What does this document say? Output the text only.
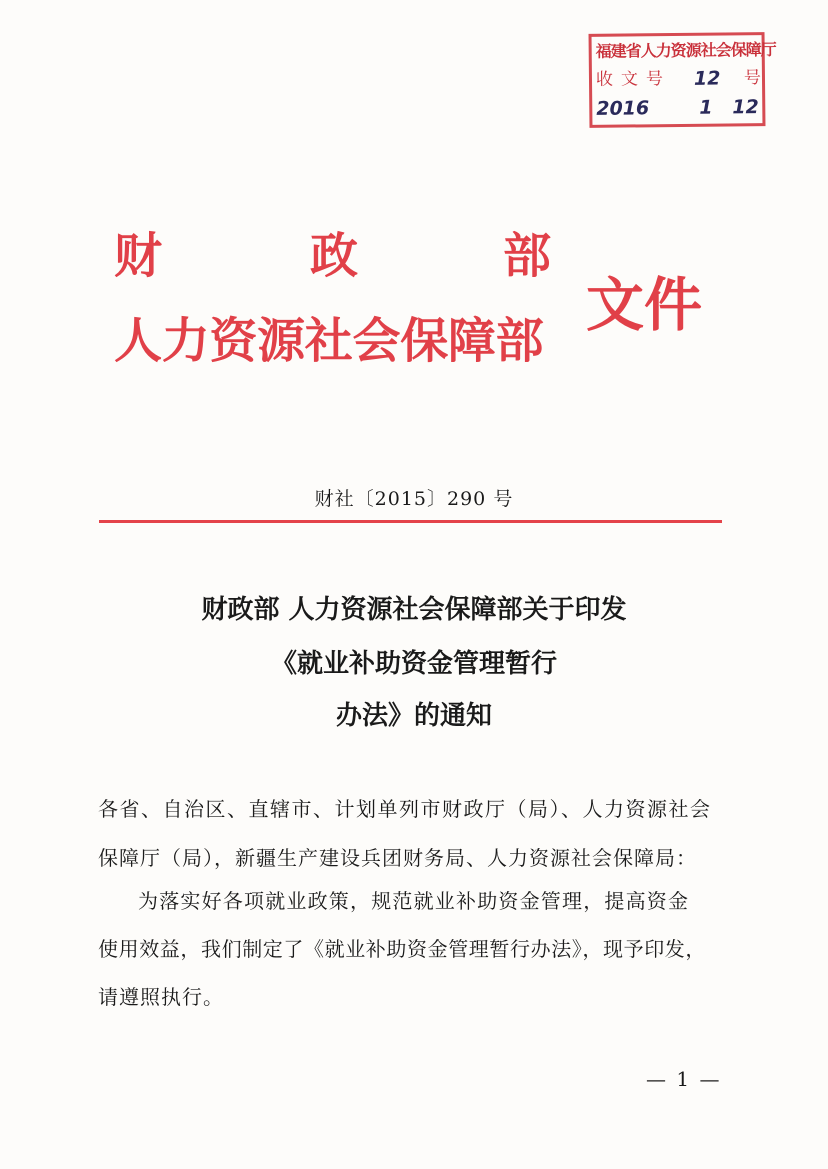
福建省人力资源社会保障厅
收文号 12 号
2016	1 12
财	政	部
人力资源社会保障部
文件
财社〔2015〕290 号
财政部 人力资源社会保障部关于印发
《就业补助资金管理暂行
办法》的通知
各省、自治区、直辖市、计划单列市财政厅（局）、人力资源社会
保障厅（局），新疆生产建设兵团财务局、人力资源社会保障局：
为落实好各项就业政策，规范就业补助资金管理，提高资金
使用效益，我们制定了《就业补助资金管理暂行办法》，现予印发，
请遵照执行。
— 1 —
